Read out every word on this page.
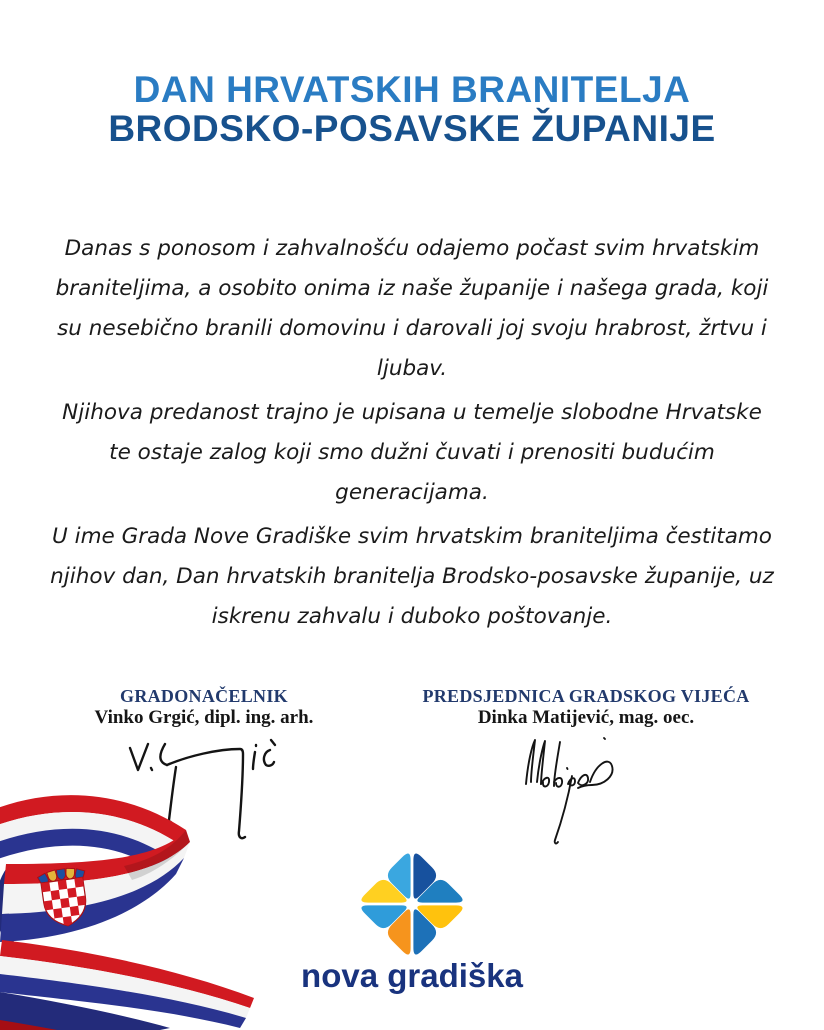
DAN HRVATSKIH BRANITELJA
BRODSKO-POSAVSKE ŽUPANIJE

Danas s ponosom i zahvalnošću odajemo počast svim hrvatskim
braniteljima, a osobito onima iz naše županije i našega grada, koji
su nesebično branili domovinu i darovali joj svoju hrabrost, žrtvu i
ljubav.

Njihova predanost trajno je upisana u temelje slobodne Hrvatske
te ostaje zalog koji smo dužni čuvati i prenositi budućim
generacijama.

U ime Grada Nove Gradiške svim hrvatskim braniteljima čestitamo
njihov dan, Dan hrvatskih branitelja Brodsko-posavske županije, uz
iskrenu zahvalu i duboko poštovanje.

GRADONAČELNIK
Vinko Grgić, dipl. ing. arh.
PREDSJEDNICA GRADSKOG VIJEĆA
Dinka Matijević, mag. oec.
nova gradiška
